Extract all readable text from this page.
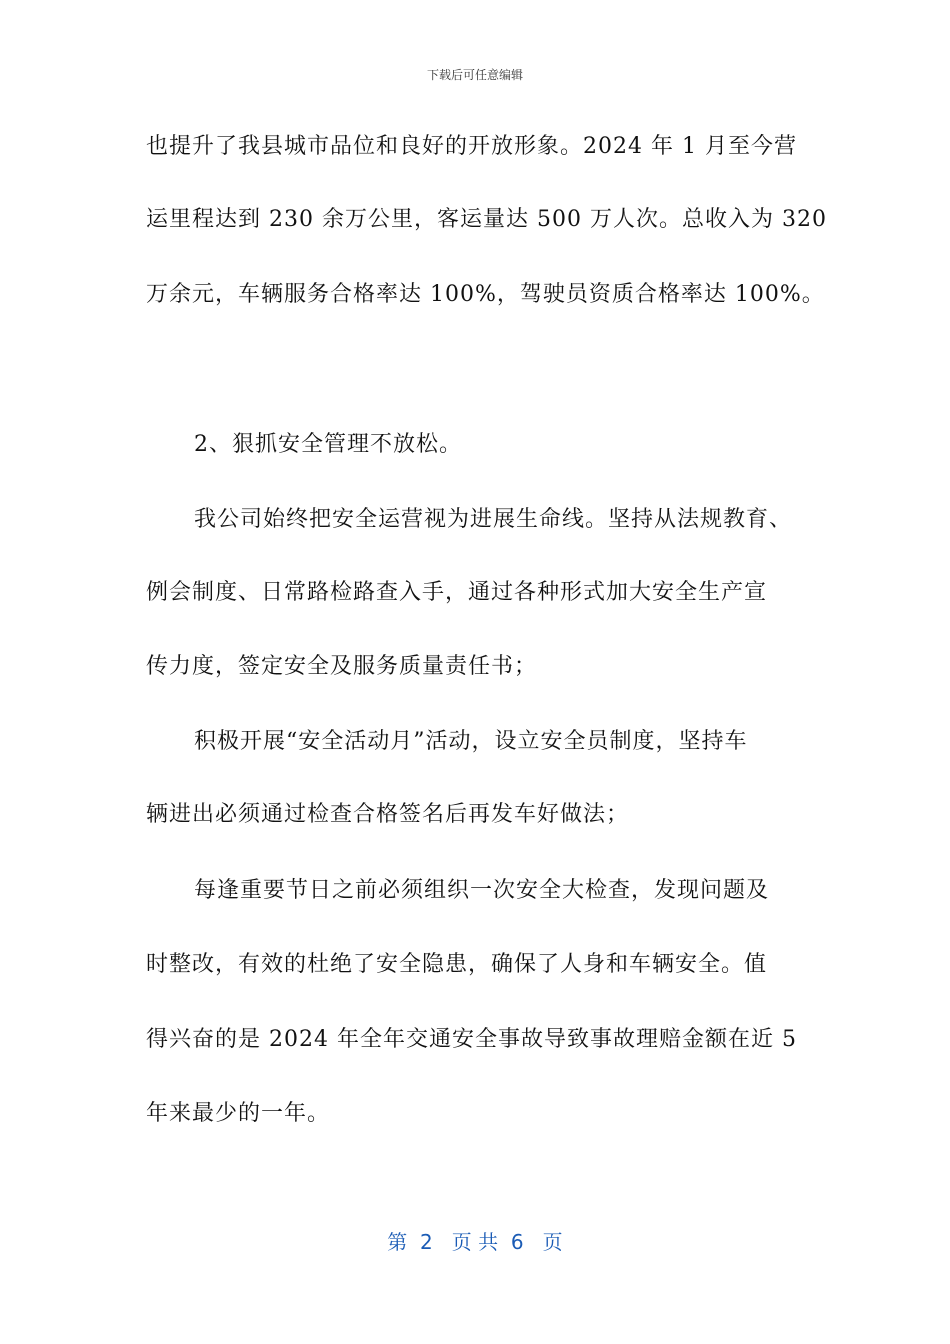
下载后可任意编辑
也提升了我县城市品位和良好的开放形象。2024 年 1 月至今营
运里程达到 230 余万公里，客运量达 500 万人次。总收入为 320
万余元，车辆服务合格率达 100%，驾驶员资质合格率达 100%。
2、狠抓安全管理不放松。
我公司始终把安全运营视为进展生命线。坚持从法规教育、
例会制度、日常路检路查入手，通过各种形式加大安全生产宣
传力度，签定安全及服务质量责任书；
积极开展“安全活动月”活动，设立安全员制度，坚持车
辆进出必须通过检查合格签名后再发车好做法；
每逢重要节日之前必须组织一次安全大检查，发现问题及
时整改，有效的杜绝了安全隐患，确保了人身和车辆安全。值
得兴奋的是 2024 年全年交通安全事故导致事故理赔金额在近 5
年来最少的一年。
第  2   页 共  6   页
